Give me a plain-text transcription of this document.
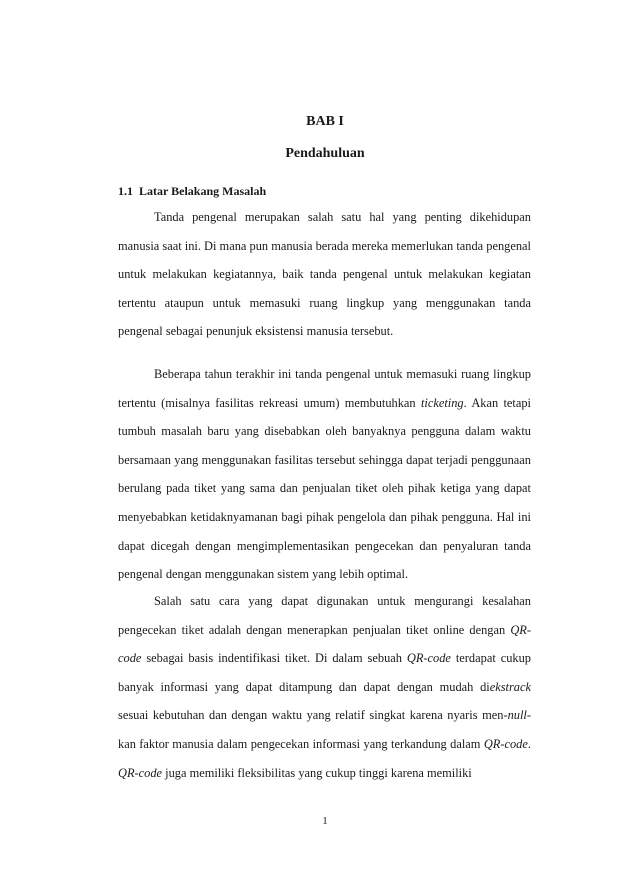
BAB I
Pendahuluan
1.1 Latar Belakang Masalah

Tanda pengenal merupakan salah satu hal yang penting dikehidupan manusia saat ini. Di mana pun manusia berada mereka memerlukan tanda pengenal untuk melakukan kegiatannya, baik tanda pengenal untuk melakukan kegiatan tertentu ataupun untuk memasuki ruang lingkup yang menggunakan tanda pengenal sebagai penunjuk eksistensi manusia tersebut.

Beberapa tahun terakhir ini tanda pengenal untuk memasuki ruang lingkup tertentu (misalnya fasilitas rekreasi umum) membutuhkan ticketing. Akan tetapi tumbuh masalah baru yang disebabkan oleh banyaknya pengguna dalam waktu bersamaan yang menggunakan fasilitas tersebut sehingga dapat terjadi penggunaan berulang pada tiket yang sama dan penjualan tiket oleh pihak ketiga yang dapat menyebabkan ketidaknyamanan bagi pihak pengelola dan pihak pengguna. Hal ini dapat dicegah dengan mengimplementasikan pengecekan dan penyaluran tanda pengenal dengan menggunakan sistem yang lebih optimal.

Salah satu cara yang dapat digunakan untuk mengurangi kesalahan pengecekan tiket adalah dengan menerapkan penjualan tiket online dengan QR-code sebagai basis indentifikasi tiket. Di dalam sebuah QR-code terdapat cukup banyak informasi yang dapat ditampung dan dapat dengan mudah diekstrack sesuai kebutuhan dan dengan waktu yang relatif singkat karena nyaris men-null-kan faktor manusia dalam pengecekan informasi yang terkandung dalam QR-code. QR-code juga memiliki fleksibilitas yang cukup tinggi karena memiliki

1
